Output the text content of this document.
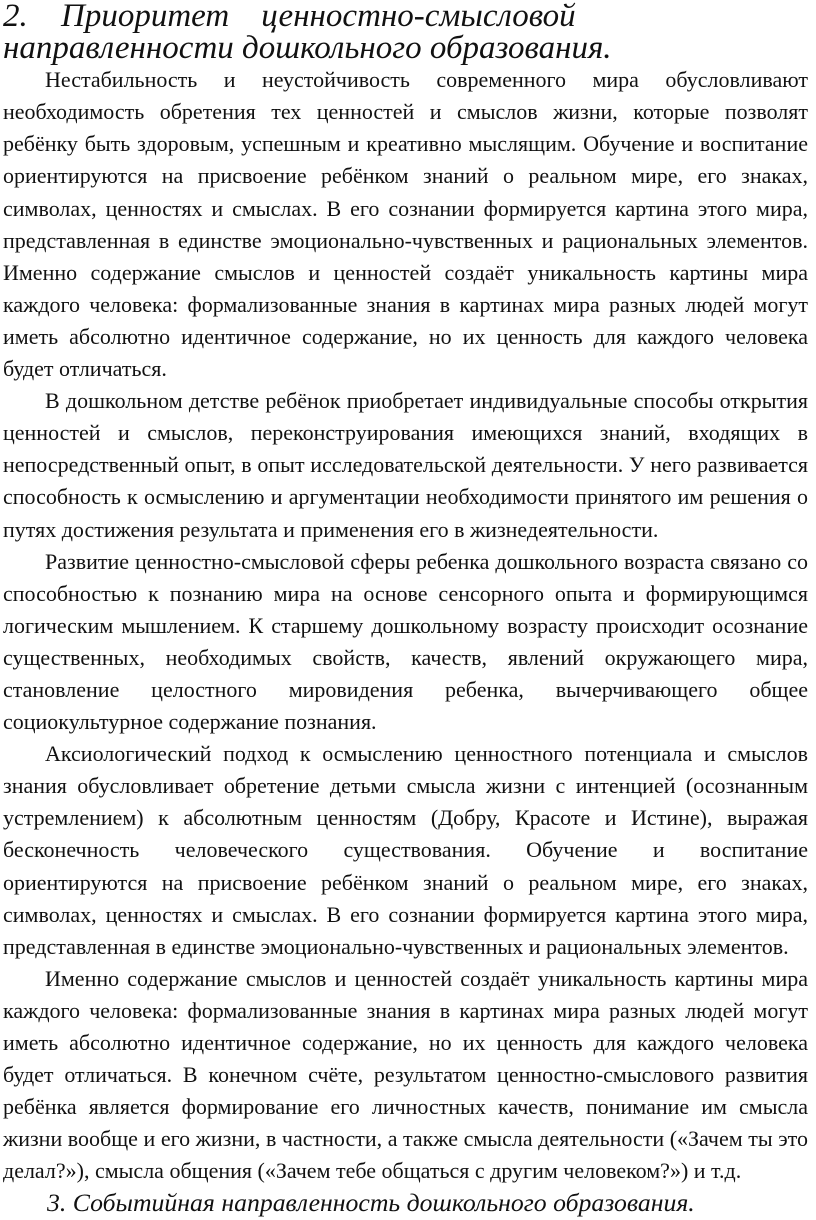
2. Приоритет ценностно-смысловой направленности дошкольного образования.

Нестабильность и неустойчивость современного мира обусловливают необходимость обретения тех ценностей и смыслов жизни, которые позволят ребёнку быть здоровым, успешным и креативно мыслящим. Обучение и воспитание ориентируются на присвоение ребёнком знаний о реальном мире, его знаках, символах, ценностях и смыслах. В его сознании формируется картина этого мира, представленная в единстве эмоционально-чувственных и рациональных элементов. Именно содержание смыслов и ценностей создаёт уникальность картины мира каждого человека: формализованные знания в картинах мира разных людей могут иметь абсолютно идентичное содержание, но их ценность для каждого человека будет отличаться.

В дошкольном детстве ребёнок приобретает индивидуальные способы открытия ценностей и смыслов, переконструирования имеющихся знаний, входящих в непосредственный опыт, в опыт исследовательской деятельности. У него развивается способность к осмыслению и аргументации необходимости принятого им решения о путях достижения результата и применения его в жизнедеятельности.

Развитие ценностно-смысловой сферы ребенка дошкольного возраста связано со способностью к познанию мира на основе сенсорного опыта и формирующимся логическим мышлением. К старшему дошкольному возрасту происходит осознание существенных, необходимых свойств, качеств, явлений окружающего мира, становление целостного мировидения ребенка, вычерчивающего общее социокультурное содержание познания.

Аксиологический подход к осмыслению ценностного потенциала и смыслов знания обусловливает обретение детьми смысла жизни с интенцией (осознанным устремлением) к абсолютным ценностям (Добру, Красоте и Истине), выражая бесконечность человеческого существования. Обучение и воспитание ориентируются на присвоение ребёнком знаний о реальном мире, его знаках, символах, ценностях и смыслах. В его сознании формируется картина этого мира, представленная в единстве эмоционально-чувственных и рациональных элементов.

Именно содержание смыслов и ценностей создаёт уникальность картины мира каждого человека: формализованные знания в картинах мира разных людей могут иметь абсолютно идентичное содержание, но их ценность для каждого человека будет отличаться. В конечном счёте, результатом ценностно-смыслового развития ребёнка является формирование его личностных качеств, понимание им смысла жизни вообще и его жизни, в частности, а также смысла деятельности («Зачем ты это делал?»), смысла общения («Зачем тебе общаться с другим человеком?») и т.д.

3. Событийная направленность дошкольного образования.
